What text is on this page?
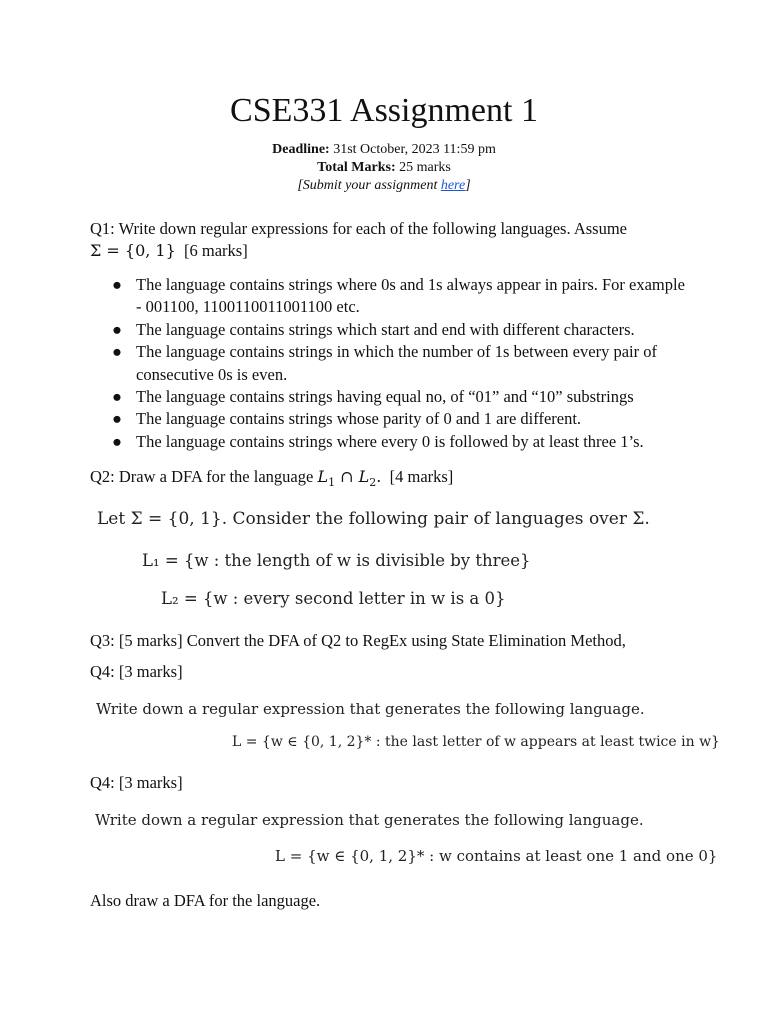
CSE331 Assignment 1
Deadline: 31st October, 2023 11:59 pm
Total Marks: 25 marks
[Submit your assignment here]
Q1: Write down regular expressions for each of the following languages. Assume
Σ = {0, 1} [6 marks]
● The language contains strings where 0s and 1s always appear in pairs. For example - 001100, 1100110011001100 etc.
● The language contains strings which start and end with different characters.
● The language contains strings in which the number of 1s between every pair of consecutive 0s is even.
● The language contains strings having equal no, of “01” and “10” substrings
● The language contains strings whose parity of 0 and 1 are different.
● The language contains strings where every 0 is followed by at least three 1’s.
Q2: Draw a DFA for the language $L_1$ ∩ $L_2$. [4 marks]
Let Σ = {0, 1}. Consider the following pair of languages over Σ.
L₁ = {w : the length of w is divisible by three}
L₂ = {w : every second letter in w is a 0}
Q3: [5 marks] Convert the DFA of Q2 to RegEx using State Elimination Method,
Q4: [3 marks]
Write down a regular expression that generates the following language.
L = {w ∈ {0, 1, 2}* : the last letter of w appears at least twice in w}
Q4: [3 marks]
Write down a regular expression that generates the following language.
L = {w ∈ {0, 1, 2}* : w contains at least one 1 and one 0}
Also draw a DFA for the language.
